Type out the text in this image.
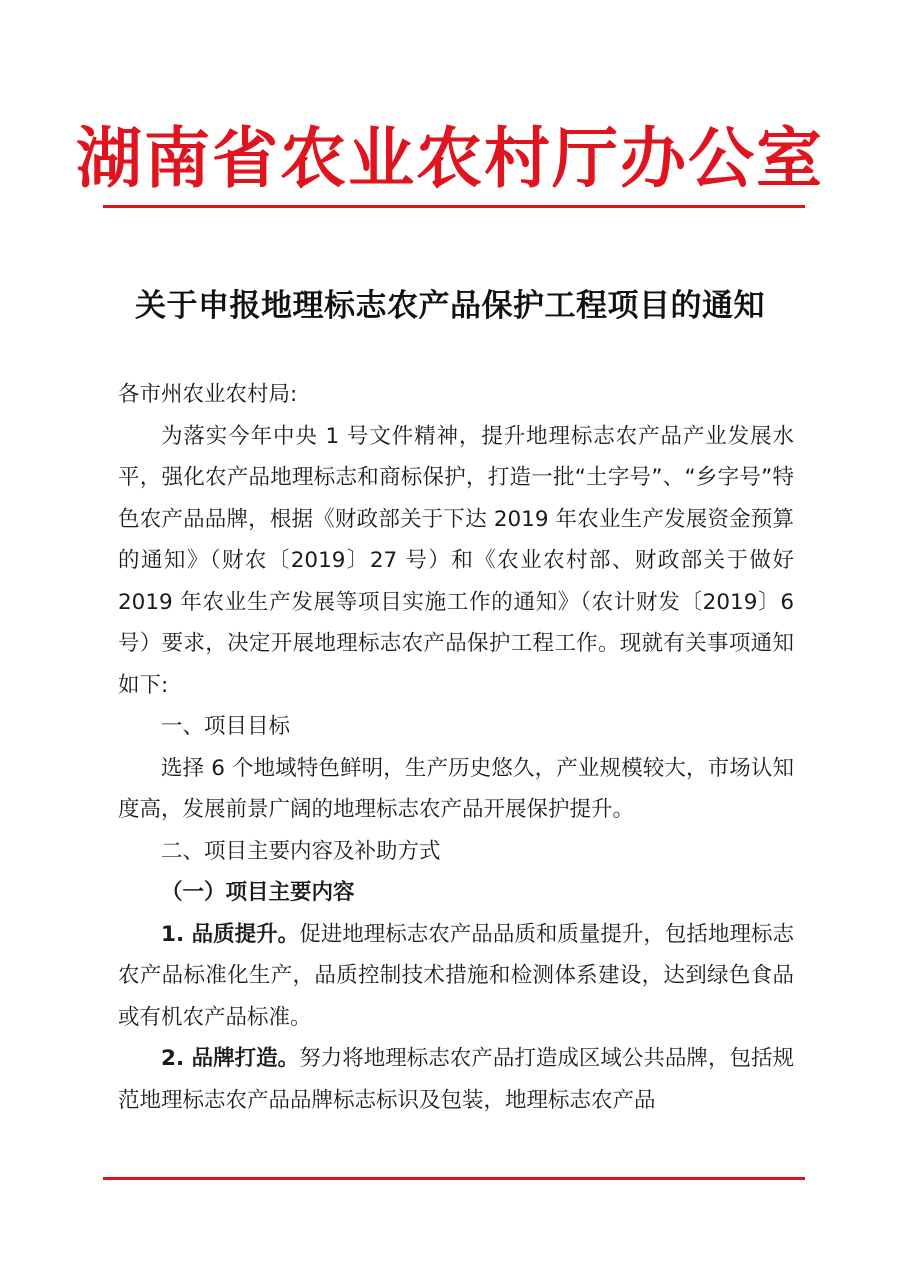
湖南省农业农村厅办公室
关于申报地理标志农产品保护工程项目的通知

各市州农业农村局:

为落实今年中央 1 号文件精神，提升地理标志农产品产业发展水平，强化农产品地理标志和商标保护，打造一批“土字号”、“乡字号”特色农产品品牌，根据《财政部关于下达 2019 年农业生产发展资金预算的通知》（财农〔2019〕27 号）和《农业农村部、财政部关于做好 2019 年农业生产发展等项目实施工作的通知》（农计财发〔2019〕6 号）要求，决定开展地理标志农产品保护工程工作。现就有关事项通知如下:

一、项目目标

选择 6 个地域特色鲜明，生产历史悠久，产业规模较大，市场认知度高，发展前景广阔的地理标志农产品开展保护提升。

二、项目主要内容及补助方式

（一）项目主要内容

1. 品质提升。促进地理标志农产品品质和质量提升，包括地理标志农产品标准化生产，品质控制技术措施和检测体系建设，达到绿色食品或有机农产品标准。

2. 品牌打造。努力将地理标志农产品打造成区域公共品牌，包括规范地理标志农产品品牌标志标识及包装，地理标志农产品
